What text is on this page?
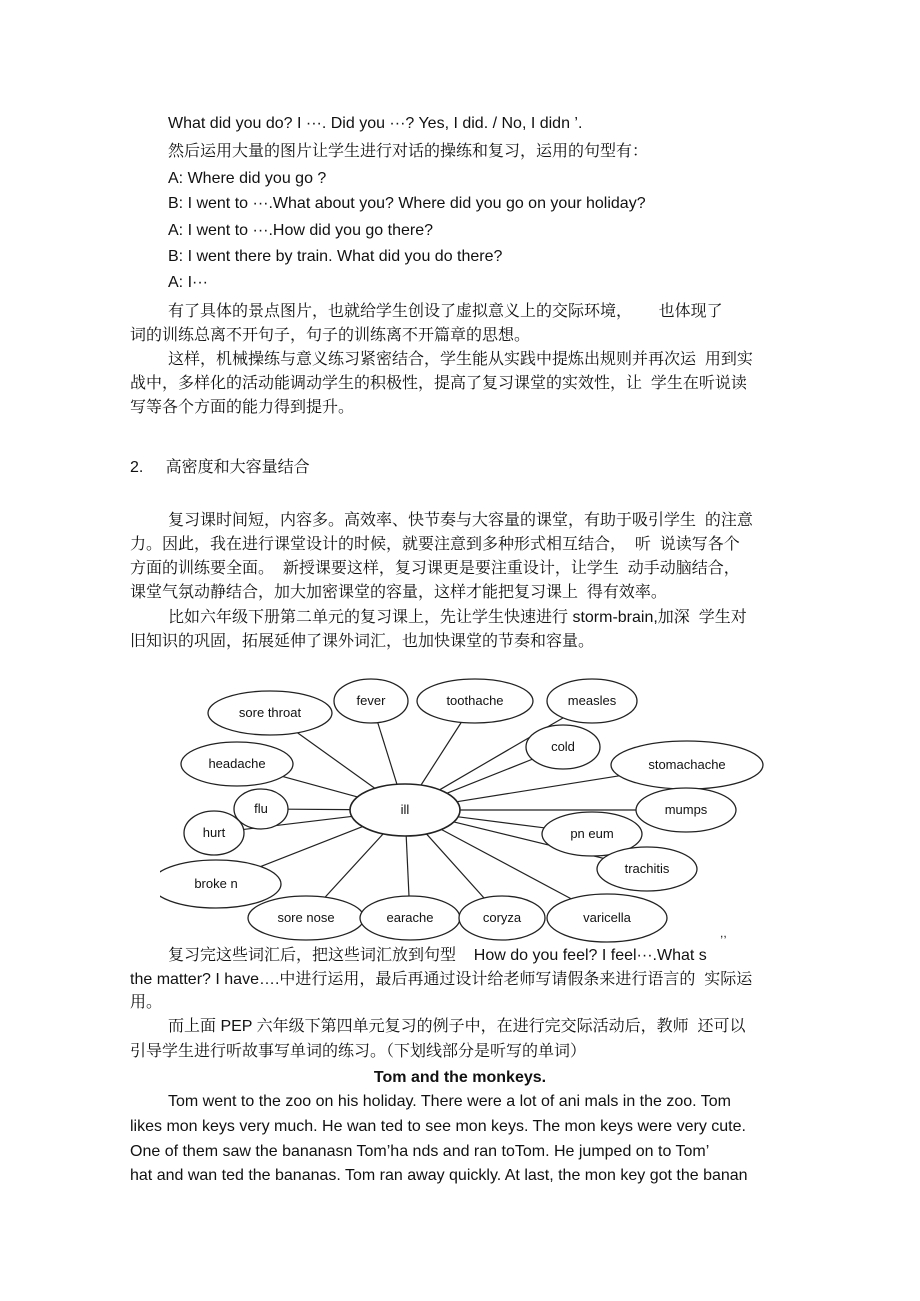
What did you do? I ···. Did you ···? Yes, I did. / No, I didn ’.
然后运用大量的图片让学生进行对话的操练和复习，运用的句型有：
A: Where did you go ?
B: I went to ···.What about you? Where did you go on your holiday?
A: I went to ···.How did you go there?
B: I went there by train. What did you do there?
A: I···
有了具体的景点图片，也就给学生创设了虚拟意义上的交际环境，      也体现了
词的训练总离不开句子，句子的训练离不开篇章的思想。
这样，机械操练与意义练习紧密结合，学生能从实践中提炼出规则并再次运  用到实
战中，多样化的活动能调动学生的积极性，提高了复习课堂的实效性，让  学生在听说读
写等各个方面的能力得到提升。
2.     高密度和大容量结合
复习课时间短，内容多。高效率、快节奏与大容量的课堂，有助于吸引学生  的注意
力。因此，我在进行课堂设计的时候，就要注意到多种形式相互结合，  听  说读写各个
方面的训练要全面。  新授课要这样，复习课更是要注重设计，让学生  动手动脑结合，
课堂气氛动静结合，加大加密课堂的容量，这样才能把复习课上  得有效率。
比如六年级下册第二单元的复习课上，先让学生快速进行 storm-brain,加深  学生对
旧知识的巩固，拓展延伸了课外词汇，也加快课堂的节奏和容量。
sore throat
fever	toothache	measles
cold
headache	stomachache
flu	mumps
hurt	pn eum
trachitis
broke n
sore nose	earache	coryza	varicella
ill
,,
复习完这些词汇后，把这些词汇放到句型    How do you feel? I feel···.What s
the matter? I have….中进行运用，最后再通过设计给老师写请假条来进行语言的  实际运
用。
而上面 PEP 六年级下第四单元复习的例子中，在进行完交际活动后，教师  还可以
引导学生进行听故事写单词的练习。（下划线部分是听写的单词）
Tom and the monkeys.
Tom went to the zoo on his holiday. There were a lot of ani mals in the zoo. Tom
likes mon keys very much. He wan ted to see mon keys. The mon keys were very cute.
One of them saw the bananasn Tom’ha nds and ran toTom. He jumped on to Tom’
hat and wan ted the bananas. Tom ran away quickly. At last, the mon key got the banan
